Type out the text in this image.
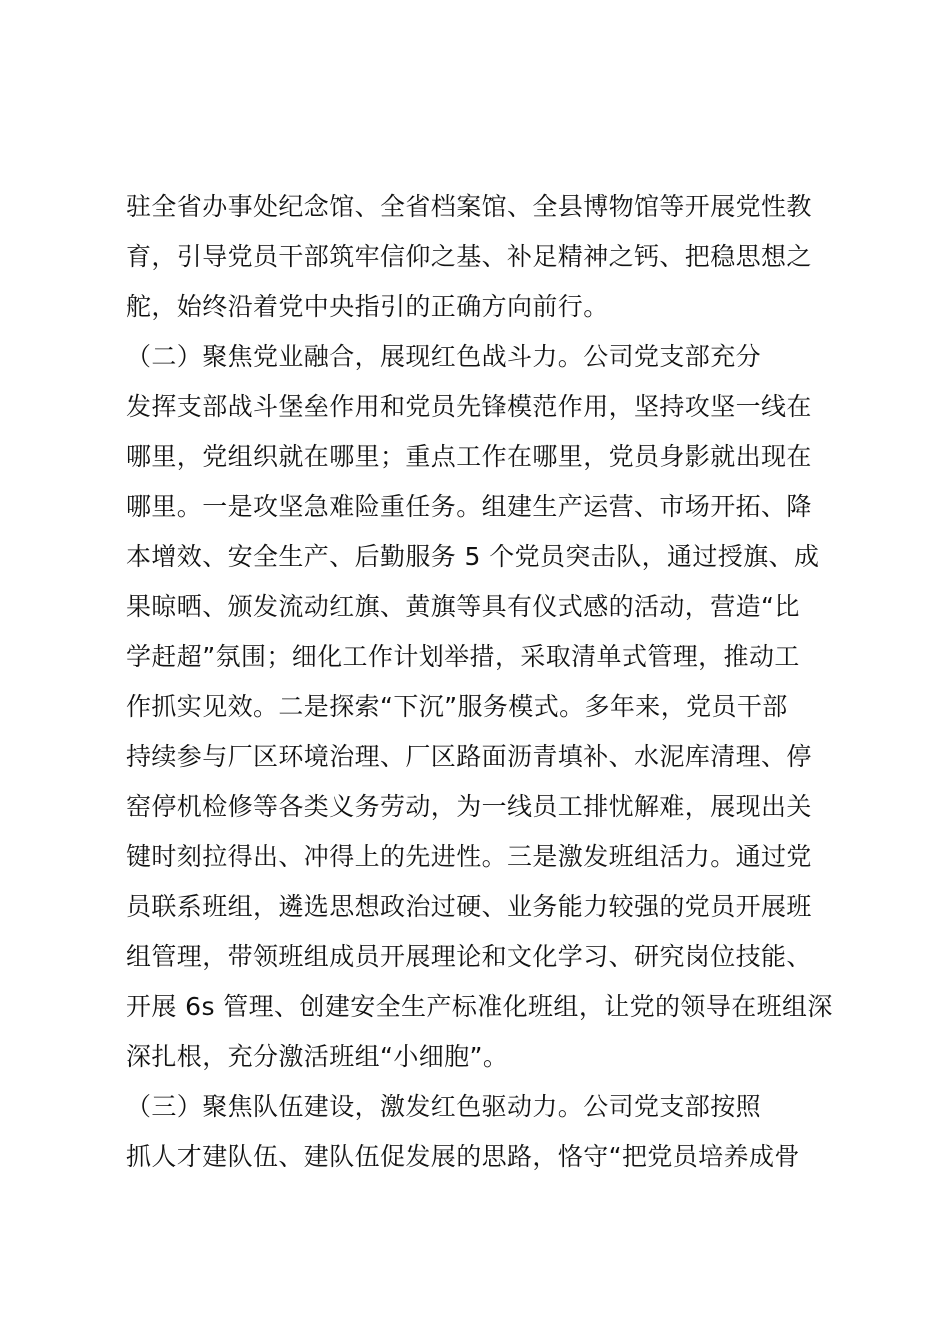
驻全省办事处纪念馆、全省档案馆、全县博物馆等开展党性教
育，引导党员干部筑牢信仰之基、补足精神之钙、把稳思想之
舵，始终沿着党中央指引的正确方向前行。
（二）聚焦党业融合，展现红色战斗力。公司党支部充分
发挥支部战斗堡垒作用和党员先锋模范作用，坚持攻坚一线在
哪里，党组织就在哪里；重点工作在哪里，党员身影就出现在
哪里。一是攻坚急难险重任务。组建生产运营、市场开拓、降
本增效、安全生产、后勤服务 5 个党员突击队，通过授旗、成
果晾晒、颁发流动红旗、黄旗等具有仪式感的活动，营造“比
学赶超”氛围；细化工作计划举措，采取清单式管理，推动工
作抓实见效。二是探索“下沉”服务模式。多年来，党员干部
持续参与厂区环境治理、厂区路面沥青填补、水泥库清理、停
窑停机检修等各类义务劳动，为一线员工排忧解难，展现出关
键时刻拉得出、冲得上的先进性。三是激发班组活力。通过党
员联系班组，遴选思想政治过硬、业务能力较强的党员开展班
组管理，带领班组成员开展理论和文化学习、研究岗位技能、
开展 6s 管理、创建安全生产标准化班组，让党的领导在班组深
深扎根，充分激活班组“小细胞”。
（三）聚焦队伍建设，激发红色驱动力。公司党支部按照
抓人才建队伍、建队伍促发展的思路，恪守“把党员培养成骨
